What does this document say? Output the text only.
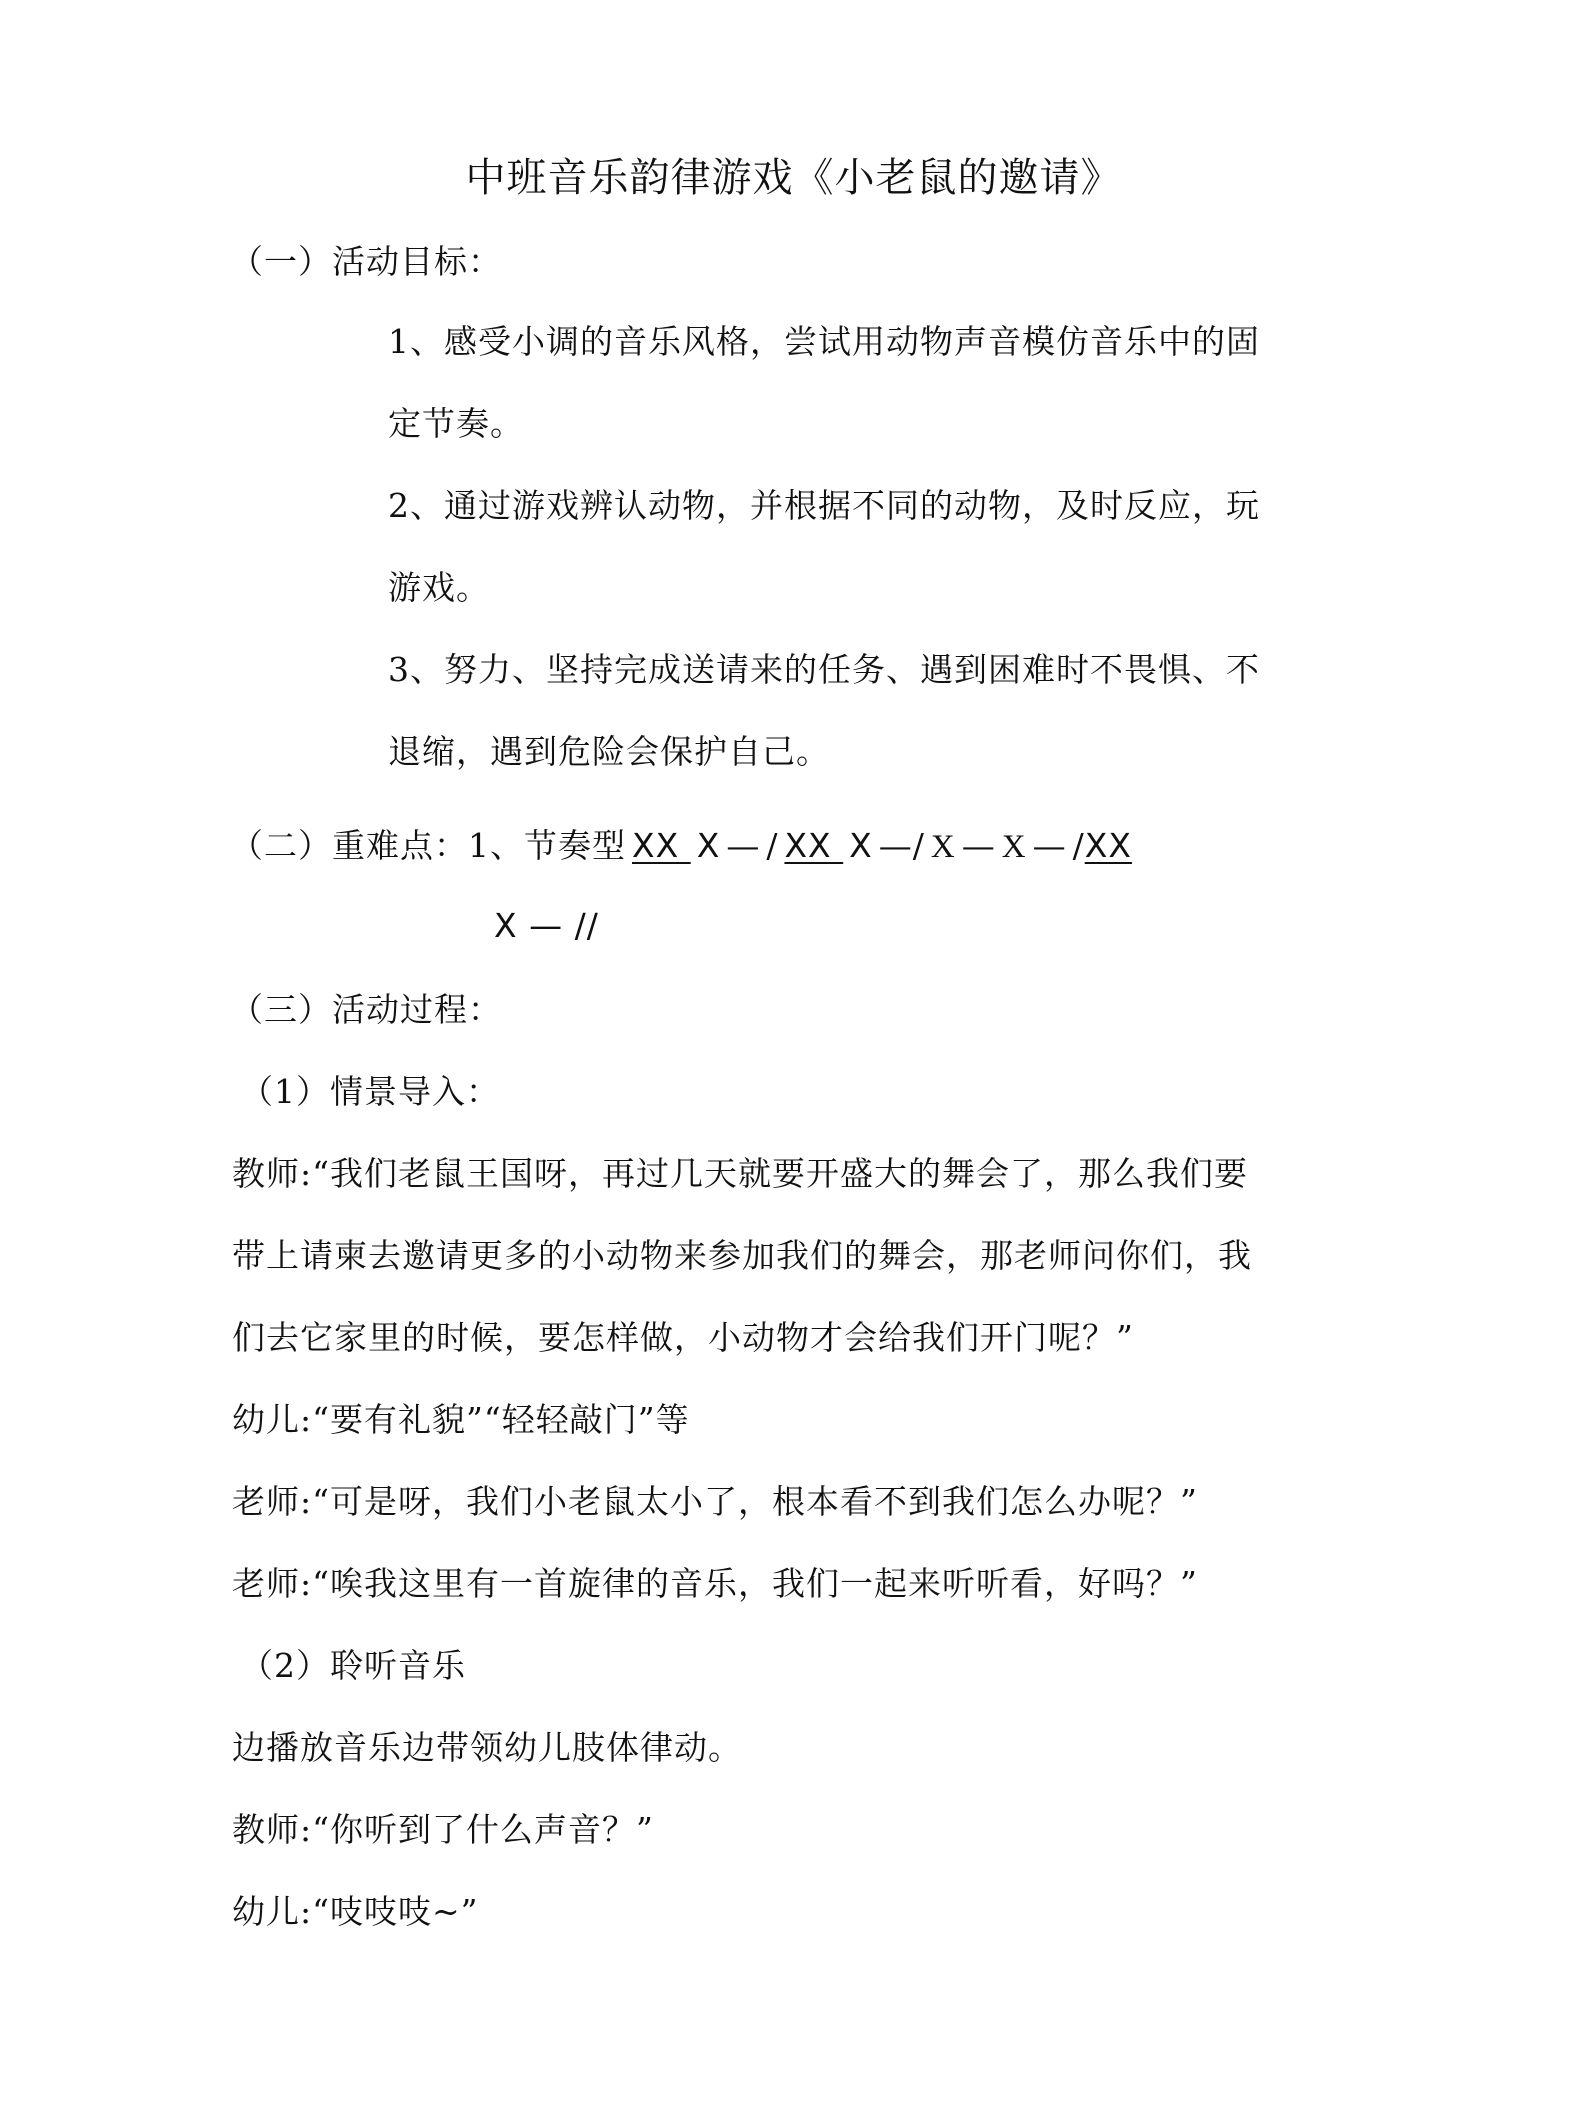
中班音乐韵律游戏《小老鼠的邀请》
（一）活动目标：
1、感受小调的音乐风格，尝试用动物声音模仿音乐中的固
定节奏。
2、通过游戏辨认动物，并根据不同的动物，及时反应，玩
游戏。
3、努力、坚持完成送请来的任务、遇到困难时不畏惧、不
退缩，遇到危险会保护自己。
（二）重难点：1、节奏型 XX X — / XX X —/ X — X — /XX
X — //
（三）活动过程：
（1）情景导入：
教师:“我们老鼠王国呀，再过几天就要开盛大的舞会了，那么我们要
带上请柬去邀请更多的小动物来参加我们的舞会，那老师问你们，我
们去它家里的时候，要怎样做，小动物才会给我们开门呢？”
幼儿:“要有礼貌”“轻轻敲门”等
老师:“可是呀，我们小老鼠太小了，根本看不到我们怎么办呢？”
老师:“唉我这里有一首旋律的音乐，我们一起来听听看，好吗？”
（2）聆听音乐
边播放音乐边带领幼儿肢体律动。
教师:“你听到了什么声音？”
幼儿:“吱吱吱~”
